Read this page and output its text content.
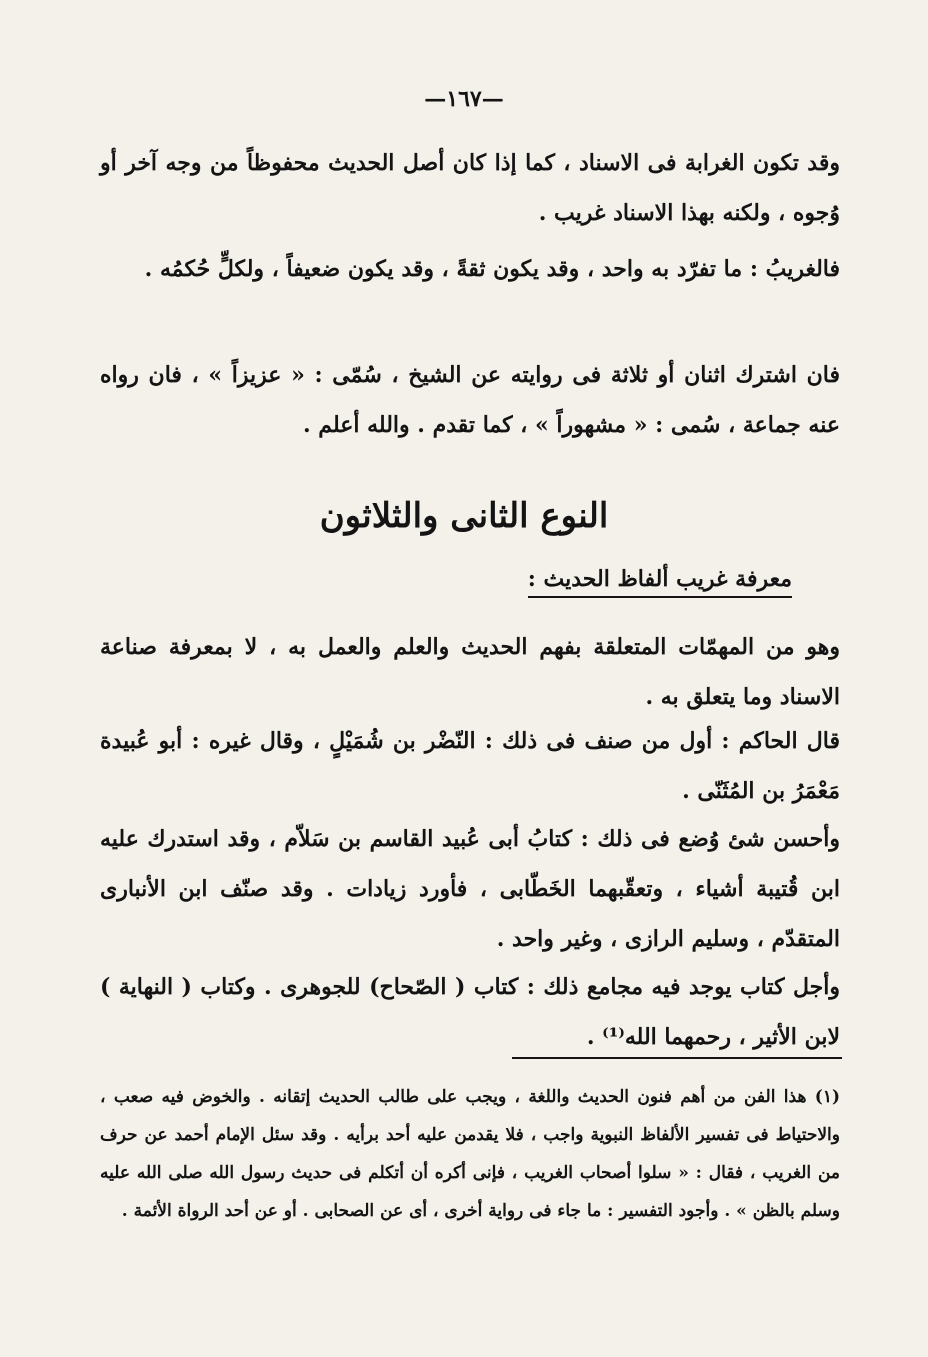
—١٦٧—
وقد تكون الغرابة فى الاسناد ، كما إذا كان أصل الحديث محفوظاً من وجه آخر أو وُجوه ، ولكنه بهذا الاسناد غريب .
فالغريبُ : ما تفرّد به واحد ، وقد يكون ثقةً ، وقد يكون ضعيفاً ، ولكلٍّ حُكمُه .
فان اشترك اثنان أو ثلاثة فى روايته عن الشيخ ، سُمّى : « عزيزاً » ، فان رواه عنه جماعة ، سُمى : « مشهوراً » ، كما تقدم . والله أعلم .
النوع الثانى والثلاثون
معرفة غريب ألفاظ الحديث :
وهو من المهمّات المتعلقة بفهم الحديث والعلم والعمل به ، لا بمعرفة صناعة الاسناد وما يتعلق به .
قال الحاكم : أول من صنف فى ذلك : النّضْر بن شُمَيْلٍ ، وقال غيره : أبو عُبيدة مَعْمَرُ بن المُثَنّى .
وأحسن شئ وُضع فى ذلك : كتابُ أبى عُبيد القاسم بن سَلاّم ، وقد استدرك عليه ابن قُتيبة أشياء ، وتعقّبهما الخَطّابى ، فأورد زيادات . وقد صنّف ابن الأنبارى المتقدّم ، وسليم الرازى ، وغير واحد .
وأجل كتاب يوجد فيه مجامع ذلك : كتاب ( الصّحاح) للجوهرى . وكتاب ( النهاية ) لابن الأثير ، رحمهما الله⁽¹⁾ .
(١) هذا الفن من أهم فنون الحديث واللغة ، ويجب على طالب الحديث إتقانه . والخوض فيه صعب ، والاحتياط فى تفسير الألفاظ النبوية واجب ، فلا يقدمن عليه أحد برأيه . وقد سئل الإمام أحمد عن حرف من الغريب ، فقال : « سلوا أصحاب الغريب ، فإنى أكره أن أتكلم فى حديث رسول الله صلى الله عليه وسلم بالظن » . وأجود التفسير : ما جاء فى رواية أخرى ، أى عن الصحابى . أو عن أحد الرواة الأئمة .
